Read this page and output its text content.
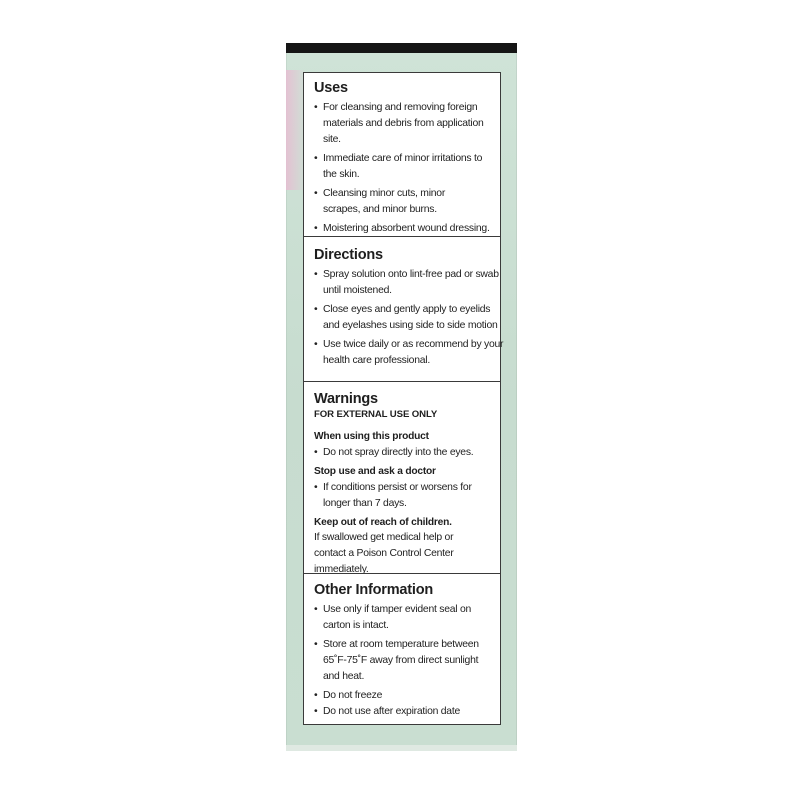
Uses
• For cleansing and removing foreign materials and debris from application site.
• Immediate care of minor irritations to the skin.
• Cleansing minor cuts, minor scrapes, and minor burns.
• Moistering absorbent wound dressing.
Directions
• Spray solution onto lint-free pad or swab until moistened.
• Close eyes and gently apply to eyelids and eyelashes using side to side motion
• Use twice daily or as recommend by your health care professional.
Warnings
FOR EXTERNAL USE ONLY
When using this product
• Do not spray directly into the eyes.
Stop use and ask a doctor
• If conditions persist or worsens for longer than 7 days.
Keep out of reach of children.
If swallowed get medical help or contact a Poison Control Center immediately.
Other Information
• Use only if tamper evident seal on carton is intact.
• Store at room temperature between 65˚F-75˚F away from direct sunlight and heat.
• Do not freeze
• Do not use after expiration date
